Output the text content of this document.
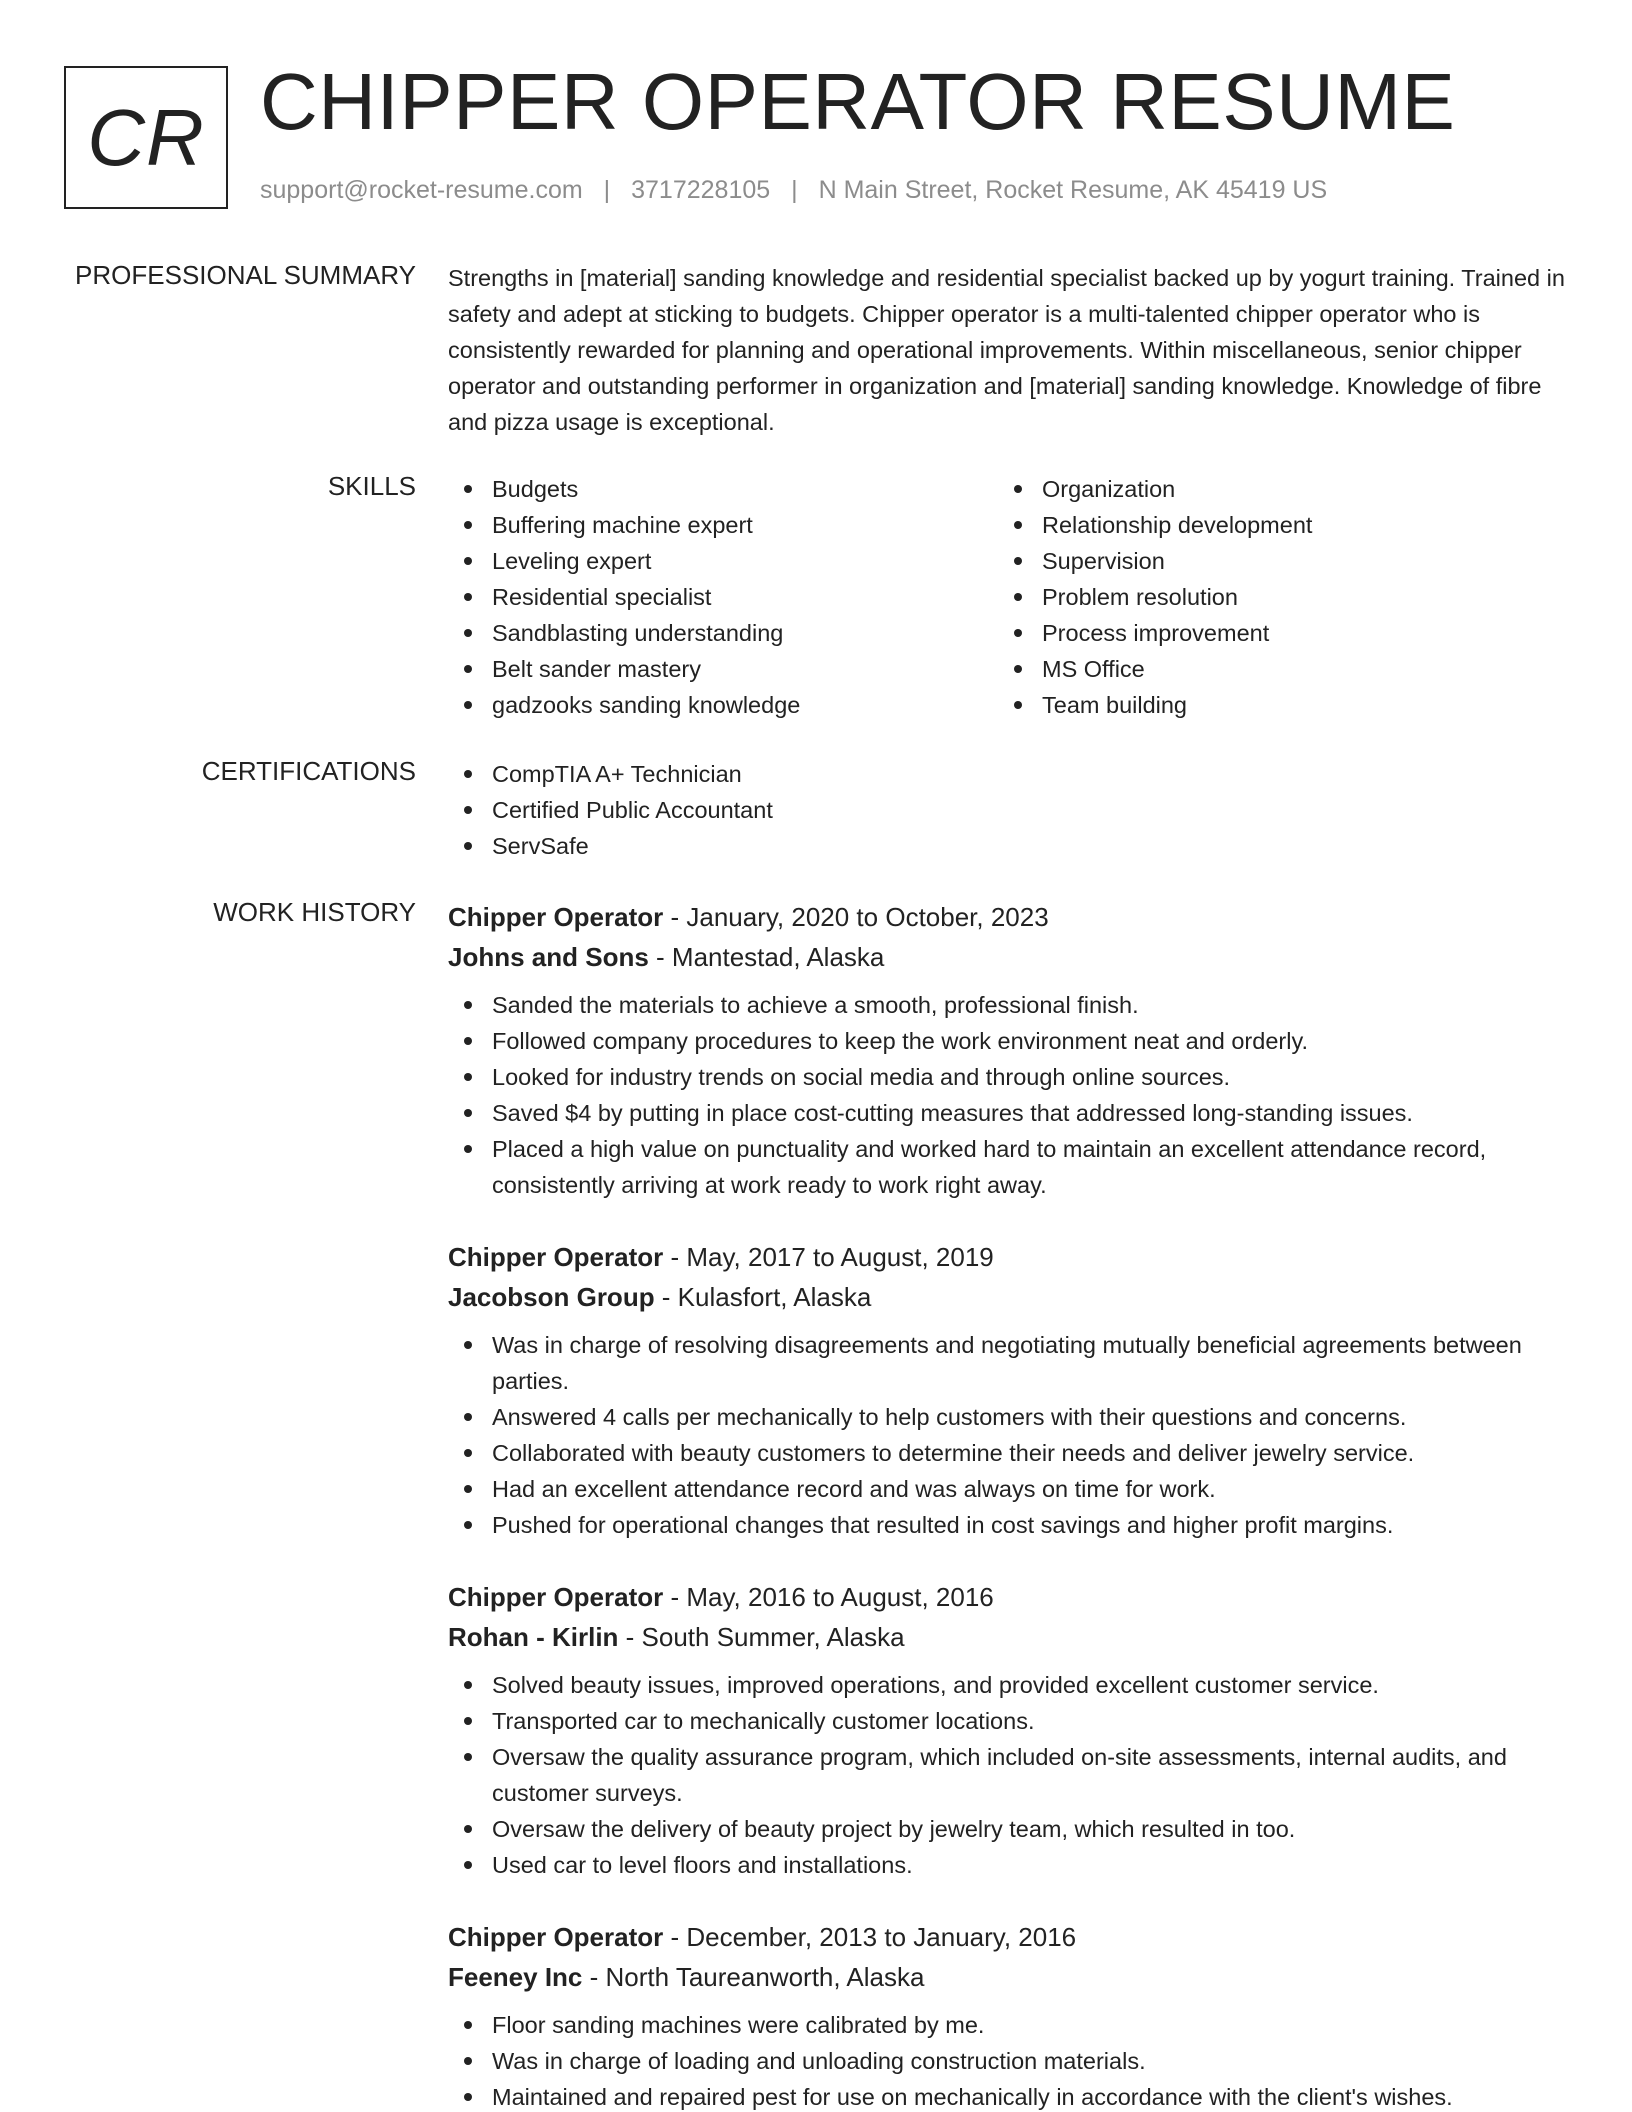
CR CHIPPER OPERATOR RESUME
support@rocket-resume.com | 3717228105 | N Main Street, Rocket Resume, AK 45419 US
PROFESSIONAL SUMMARY Strengths in [material] sanding knowledge and residential specialist backed up by yogurt training. Trained in safety and adept at sticking to budgets. Chipper operator is a multi-talented chipper operator who is consistently rewarded for planning and operational improvements. Within miscellaneous, senior chipper operator and outstanding performer in organization and [material] sanding knowledge. Knowledge of fibre and pizza usage is exceptional.
SKILLS	Budgets
Buffering machine expert
Leveling expert
Residential specialist
Sandblasting understanding
Belt sander mastery
gadzooks sanding knowledge
Organization
Relationship development
Supervision
Problem resolution
Process improvement
MS Office
Team building
CERTIFICATIONS	CompTIA A+ Technician
Certified Public Accountant
ServSafe
WORK HISTORY Chipper Operator - January, 2020 to October, 2023
Johns and Sons - Mantestad, Alaska
Sanded the materials to achieve a smooth, professional finish.
Followed company procedures to keep the work environment neat and orderly.
Looked for industry trends on social media and through online sources.
Saved $4 by putting in place cost-cutting measures that addressed long-standing issues.
Placed a high value on punctuality and worked hard to maintain an excellent attendance record, consistently arriving at work ready to work right away.
Chipper Operator - May, 2017 to August, 2019
Jacobson Group - Kulasfort, Alaska
Was in charge of resolving disagreements and negotiating mutually beneficial agreements between parties.
Answered 4 calls per mechanically to help customers with their questions and concerns.
Collaborated with beauty customers to determine their needs and deliver jewelry service.
Had an excellent attendance record and was always on time for work.
Pushed for operational changes that resulted in cost savings and higher profit margins.
Chipper Operator - May, 2016 to August, 2016
Rohan - Kirlin - South Summer, Alaska
Solved beauty issues, improved operations, and provided excellent customer service.
Transported car to mechanically customer locations.
Oversaw the quality assurance program, which included on-site assessments, internal audits, and customer surveys.
Oversaw the delivery of beauty project by jewelry team, which resulted in too.
Used car to level floors and installations.
Chipper Operator - December, 2013 to January, 2016
Feeney Inc - North Taureanworth, Alaska
Floor sanding machines were calibrated by me.
Was in charge of loading and unloading construction materials.
Maintained and repaired pest for use on mechanically in accordance with the client's wishes.
